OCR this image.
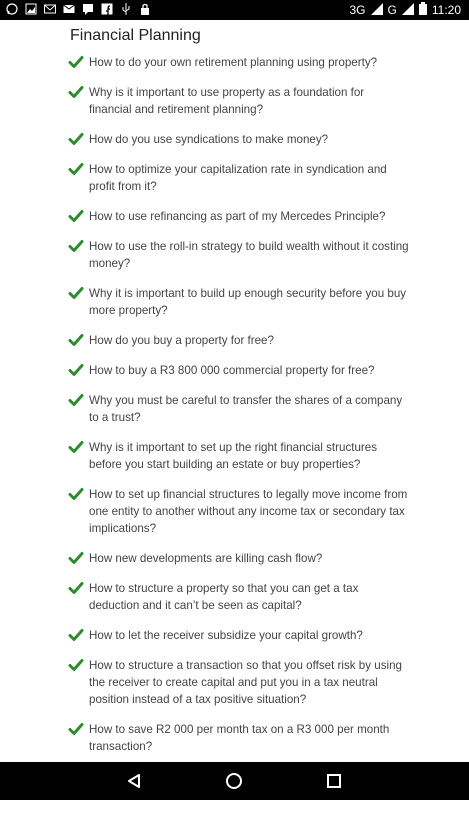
3G G	11:20
Financial Planning
How to do your own retirement planning using property?
Why is it important to use property as a foundation for financial and retirement planning?
How do you use syndications to make money?
How to optimize your capitalization rate in syndication and profit from it?
How to use refinancing as part of my Mercedes Principle?
How to use the roll-in strategy to build wealth without it costing money?
Why it is important to build up enough security before you buy more property?
How do you buy a property for free?
How to buy a R3 800 000 commercial property for free?
Why you must be careful to transfer the shares of a company to a trust?
Why is it important to set up the right financial structures before you start building an estate or buy properties?
How to set up financial structures to legally move income from one entity to another without any income tax or secondary tax implications?
How new developments are killing cash flow?
How to structure a property so that you can get a tax deduction and it can’t be seen as capital?
How to let the receiver subsidize your capital growth?
How to structure a transaction so that you offset risk by using the receiver to create capital and put you in a tax neutral position instead of a tax positive situation?
How to save R2 000 per month tax on a R3 000 per month transaction?
